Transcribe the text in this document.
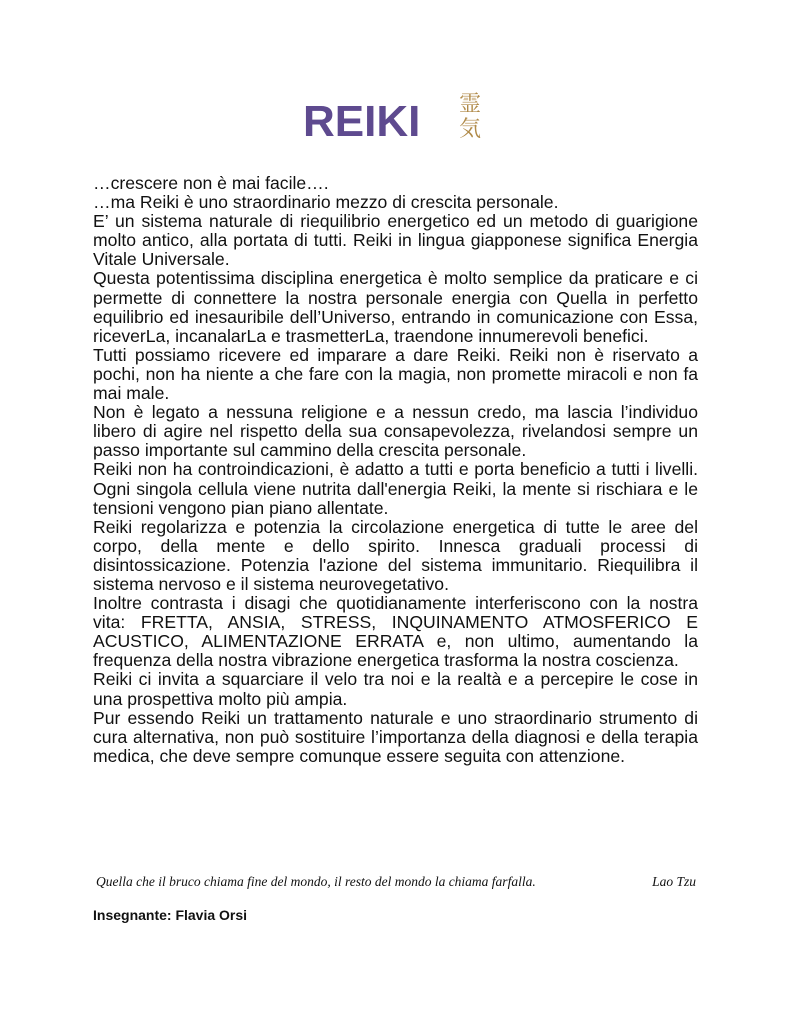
REIKI 霊
気

…crescere non è mai facile….

…ma Reiki è uno straordinario mezzo di crescita personale.

E’ un sistema naturale di riequilibrio energetico ed un metodo di guarigione molto antico, alla portata di tutti. Reiki in lingua giapponese significa Energia Vitale Universale.

Questa potentissima disciplina energetica è molto semplice da praticare e ci permette di connettere la nostra personale energia con Quella in perfetto equilibrio ed inesauribile dell’Universo, entrando in comunicazione con Essa, riceverLa, incanalarLa e trasmetterLa, traendone innumerevoli benefici.

Tutti possiamo ricevere ed imparare a dare Reiki. Reiki non è riservato a pochi, non ha niente a che fare con la magia, non promette miracoli e non fa mai male.

Non è legato a nessuna religione e a nessun credo, ma lascia l’individuo libero di agire nel rispetto della sua consapevolezza, rivelandosi sempre un passo importante sul cammino della crescita personale.

Reiki non ha controindicazioni, è adatto a tutti e porta beneficio a tutti i livelli. Ogni singola cellula viene nutrita dall'energia Reiki, la mente si rischiara e le tensioni vengono pian piano allentate.

Reiki regolarizza e potenzia la circolazione energetica di tutte le aree del corpo, della mente e dello spirito. Innesca graduali processi di disintossicazione. Potenzia l'azione del sistema immunitario. Riequilibra il sistema nervoso e il sistema neurovegetativo.

Inoltre contrasta i disagi che quotidianamente interferiscono con la nostra vita: FRETTA, ANSIA, STRESS, INQUINAMENTO ATMOSFERICO E ACUSTICO, ALIMENTAZIONE ERRATA e, non ultimo, aumentando la frequenza della nostra vibrazione energetica trasforma la nostra coscienza.

Reiki ci invita a squarciare il velo tra noi e la realtà e a percepire le cose in una prospettiva molto più ampia.

Pur essendo Reiki un trattamento naturale e uno straordinario strumento di cura alternativa, non può sostituire l’importanza della diagnosi e della terapia medica, che deve sempre comunque essere seguita con attenzione.

Quella che il bruco chiama fine del mondo, il resto del mondo la chiama farfalla.	Lao Tzu
Insegnante: Flavia Orsi
